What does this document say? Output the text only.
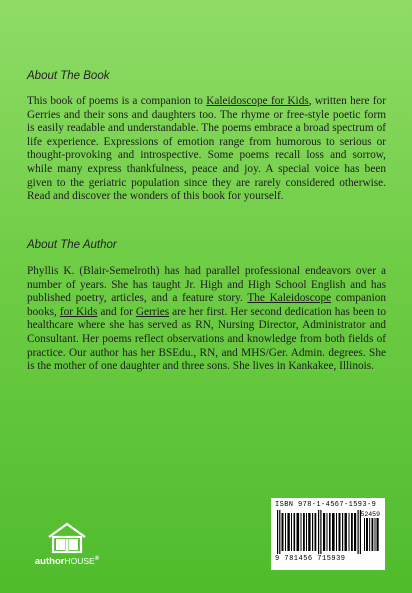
About The Book
This book of poems is a companion to Kaleidoscope for Kids, written here for Gerries and their sons and daughters too. The rhyme or free-style poetic form is easily readable and understandable. The poems embrace a broad spectrum of life experience. Expressions of emotion range from humorous to serious or thought-provoking and introspective. Some poems recall loss and sorrow, while many express thankfulness, peace and joy. A special voice has been given to the geriatric population since they are rarely considered otherwise. Read and discover the wonders of this book for yourself.
About The Author
Phyllis K. (Blair-Semelroth) has had parallel professional endeavors over a number of years. She has taught Jr. High and High School English and has published poetry, articles, and a feature story. The Kaleidoscope companion books, for Kids and for Gerries are her first. Her second dedication has been to healthcare where she has served as RN, Nursing Director, Administrator and Consultant. Her poems reflect observations and knowledge from both fields of practice. Our author has her BSEdu., RN, and MHS/Ger. Admin. degrees. She is the mother of one daughter and three sons. She lives in Kankakee, Illinois.
authorHOUSE®
ISBN 978-1-4567-1593-9
52459
9 781456 715939
